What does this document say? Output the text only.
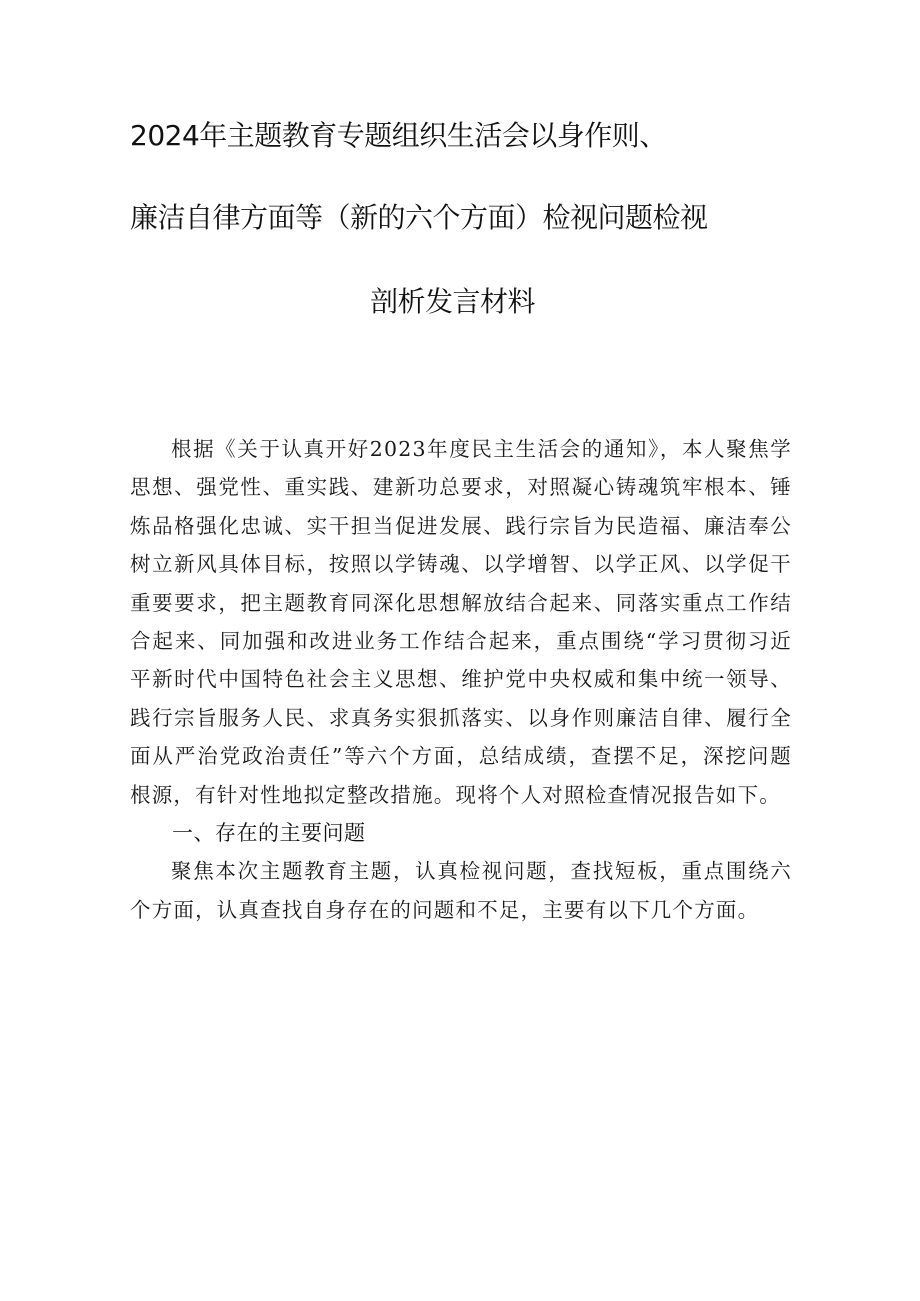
2024年主题教育专题组织生活会以身作则、
廉洁自律方面等（新的六个方面）检视问题检视
剖析发言材料

根据《关于认真开好2023年度民主生活会的通知》，本人聚焦学思想、强党性、重实践、建新功总要求，对照凝心铸魂筑牢根本、锤炼品格强化忠诚、实干担当促进发展、践行宗旨为民造福、廉洁奉公树立新风具体目标，按照以学铸魂、以学增智、以学正风、以学促干重要要求，把主题教育同深化思想解放结合起来、同落实重点工作结合起来、同加强和改进业务工作结合起来，重点围绕“学习贯彻习近平新时代中国特色社会主义思想、维护党中央权威和集中统一领导、践行宗旨服务人民、求真务实狠抓落实、以身作则廉洁自律、履行全面从严治党政治责任”等六个方面，总结成绩，查摆不足，深挖问题根源，有针对性地拟定整改措施。现将个人对照检查情况报告如下。

一、存在的主要问题

聚焦本次主题教育主题，认真检视问题，查找短板，重点围绕六个方面，认真查找自身存在的问题和不足，主要有以下几个方面。
